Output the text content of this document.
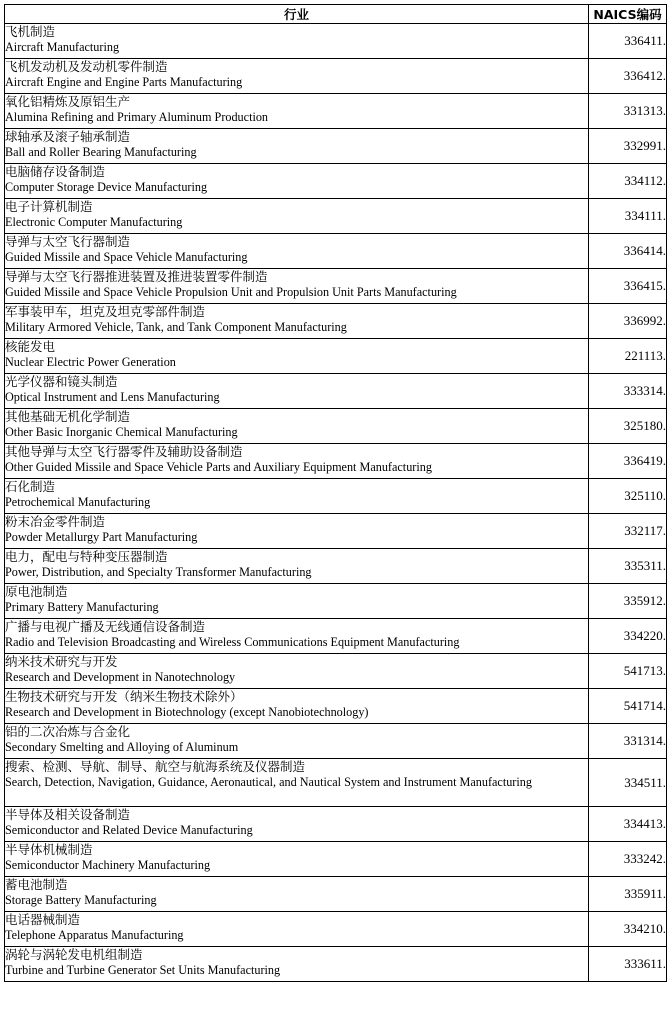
行业	NAICS编码

飞机制造
Aircraft Manufacturing	336411.

飞机发动机及发动机零件制造
Aircraft Engine and Engine Parts Manufacturing	336412.

氧化铝精炼及原铝生产
Alumina Refining and Primary Aluminum Production	331313.

球轴承及滚子轴承制造
Ball and Roller Bearing Manufacturing	332991.

电脑储存设备制造
Computer Storage Device Manufacturing	334112.

电子计算机制造
Electronic Computer Manufacturing	334111.

导弹与太空飞行器制造
Guided Missile and Space Vehicle Manufacturing	336414.

导弹与太空飞行器推进装置及推进装置零件制造
Guided Missile and Space Vehicle Propulsion Unit and Propulsion Unit Parts Manufacturing	336415.

军事装甲车，坦克及坦克零部件制造
Military Armored Vehicle, Tank, and Tank Component Manufacturing	336992.

核能发电
Nuclear Electric Power Generation	221113.

光学仪器和镜头制造
Optical Instrument and Lens Manufacturing	333314.

其他基础无机化学制造
Other Basic Inorganic Chemical Manufacturing	325180.

其他导弹与太空飞行器零件及辅助设备制造
Other Guided Missile and Space Vehicle Parts and Auxiliary Equipment Manufacturing	336419.

石化制造
Petrochemical Manufacturing	325110.

粉末冶金零件制造
Powder Metallurgy Part Manufacturing	332117.

电力，配电与特种变压器制造
Power, Distribution, and Specialty Transformer Manufacturing	335311.

原电池制造
Primary Battery Manufacturing	335912.

广播与电视广播及无线通信设备制造
Radio and Television Broadcasting and Wireless Communications Equipment Manufacturing	334220.

纳米技术研究与开发
Research and Development in Nanotechnology	541713.

生物技术研究与开发（纳米生物技术除外）
Research and Development in Biotechnology (except Nanobiotechnology)	541714.

铝的二次冶炼与合金化
Secondary Smelting and Alloying of Aluminum	331314.

搜索、检测、导航、制导、航空与航海系统及仪器制造
Search, Detection, Navigation, Guidance, Aeronautical, and Nautical System and Instrument Manufacturing	334511.

半导体及相关设备制造
Semiconductor and Related Device Manufacturing	334413.

半导体机械制造
Semiconductor Machinery Manufacturing	333242.

蓄电池制造
Storage Battery Manufacturing	335911.

电话器械制造
Telephone Apparatus Manufacturing	334210.

涡轮与涡轮发电机组制造
Turbine and Turbine Generator Set Units Manufacturing	333611.
